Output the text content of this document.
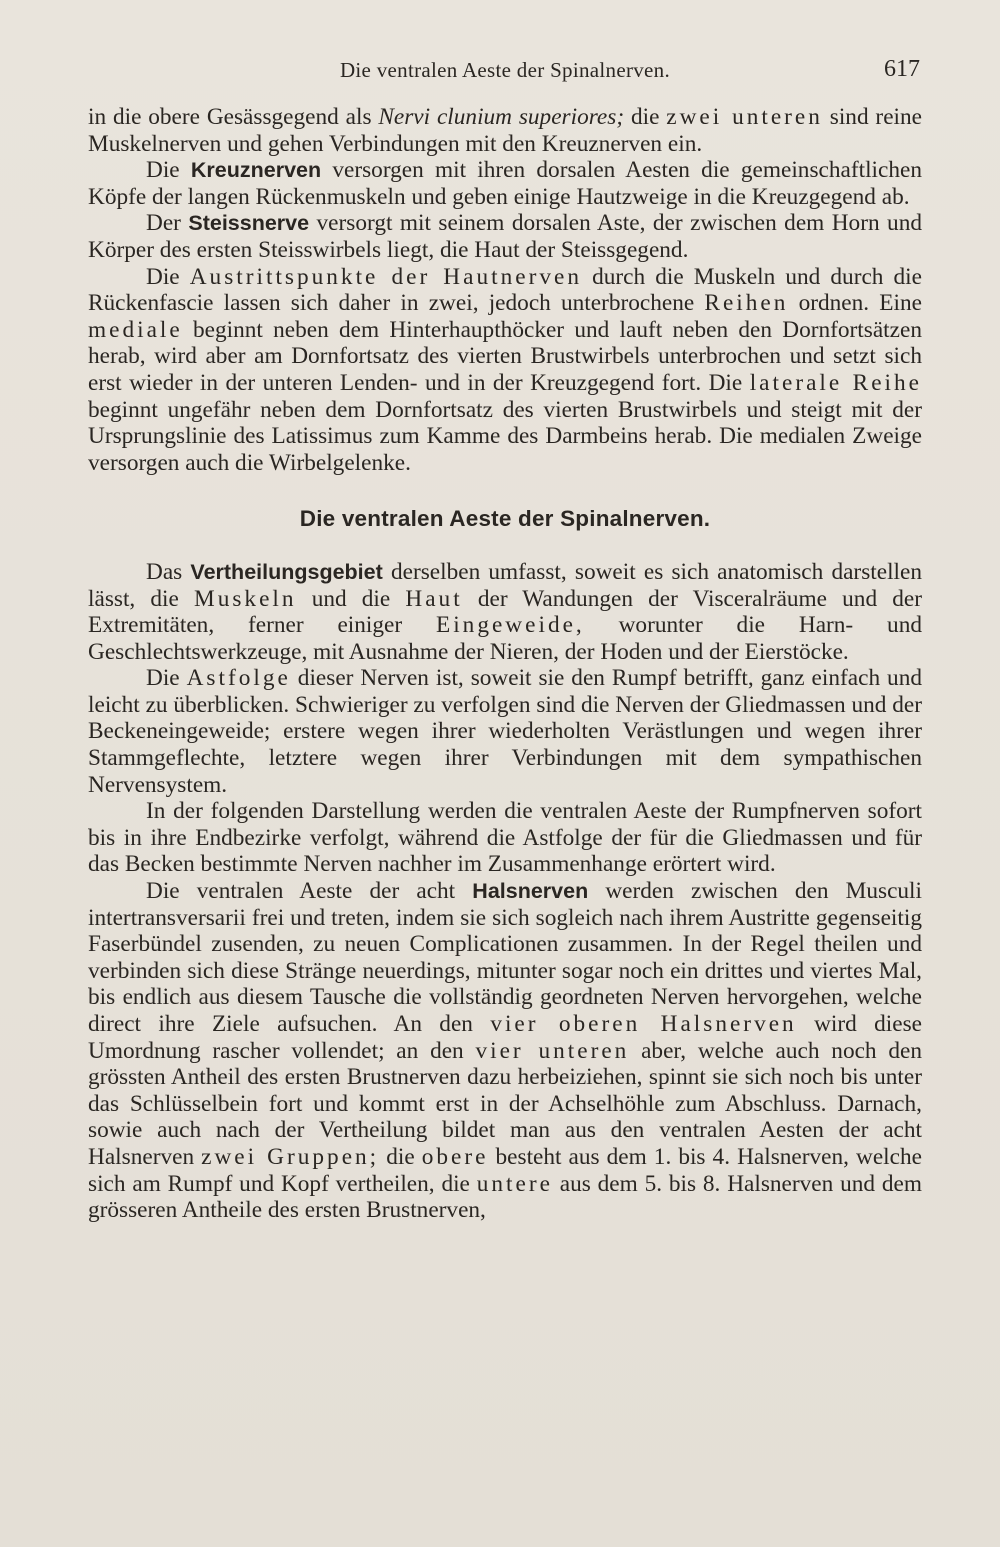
Die ventralen Aeste der Spinalnerven.	617

in die obere Gesässgegend als Nervi clunium superiores; die zwei unteren sind reine Muskelnerven und gehen Verbindungen mit den Kreuznerven ein.

Die Kreuznerven versorgen mit ihren dorsalen Aesten die gemeinschaftlichen Köpfe der langen Rückenmuskeln und geben einige Hautzweige in die Kreuzgegend ab.

Der Steissnerve versorgt mit seinem dorsalen Aste, der zwischen dem Horn und Körper des ersten Steisswirbels liegt, die Haut der Steissgegend.

Die Austrittspunkte der Hautnerven durch die Muskeln und durch die Rückenfascie lassen sich daher in zwei, jedoch unterbrochene Reihen ordnen. Eine mediale beginnt neben dem Hinterhaupthöcker und lauft neben den Dornfortsätzen herab, wird aber am Dornfortsatz des vierten Brustwirbels unterbrochen und setzt sich erst wieder in der unteren Lenden- und in der Kreuzgegend fort. Die laterale Reihe beginnt ungefähr neben dem Dornfortsatz des vierten Brustwirbels und steigt mit der Ursprungslinie des Latissimus zum Kamme des Darmbeins herab. Die medialen Zweige versorgen auch die Wirbelgelenke.

Die ventralen Aeste der Spinalnerven.

Das Vertheilungsgebiet derselben umfasst, soweit es sich anatomisch darstellen lässt, die Muskeln und die Haut der Wandungen der Visceralräume und der Extremitäten, ferner einiger Eingeweide, worunter die Harn- und Geschlechtswerkzeuge, mit Ausnahme der Nieren, der Hoden und der Eierstöcke.

Die Astfolge dieser Nerven ist, soweit sie den Rumpf betrifft, ganz einfach und leicht zu überblicken. Schwieriger zu verfolgen sind die Nerven der Gliedmassen und der Beckeneingeweide; erstere wegen ihrer wiederholten Verästlungen und wegen ihrer Stammgeflechte, letztere wegen ihrer Verbindungen mit dem sympathischen Nervensystem.

In der folgenden Darstellung werden die ventralen Aeste der Rumpfnerven sofort bis in ihre Endbezirke verfolgt, während die Astfolge der für die Gliedmassen und für das Becken bestimmte Nerven nachher im Zusammenhange erörtert wird.

Die ventralen Aeste der acht Halsnerven werden zwischen den Musculi intertransversarii frei und treten, indem sie sich sogleich nach ihrem Austritte gegenseitig Faserbündel zusenden, zu neuen Complicationen zusammen. In der Regel theilen und verbinden sich diese Stränge neuerdings, mitunter sogar noch ein drittes und viertes Mal, bis endlich aus diesem Tausche die vollständig geordneten Nerven hervorgehen, welche direct ihre Ziele aufsuchen. An den vier oberen Halsnerven wird diese Umordnung rascher vollendet; an den vier unteren aber, welche auch noch den grössten Antheil des ersten Brustnerven dazu herbeiziehen, spinnt sie sich noch bis unter das Schlüsselbein fort und kommt erst in der Achselhöhle zum Abschluss. Darnach, sowie auch nach der Vertheilung bildet man aus den ventralen Aesten der acht Halsnerven zwei Gruppen; die obere besteht aus dem 1. bis 4. Halsnerven, welche sich am Rumpf und Kopf vertheilen, die untere aus dem 5. bis 8. Halsnerven und dem grösseren Antheile des ersten Brustnerven,
